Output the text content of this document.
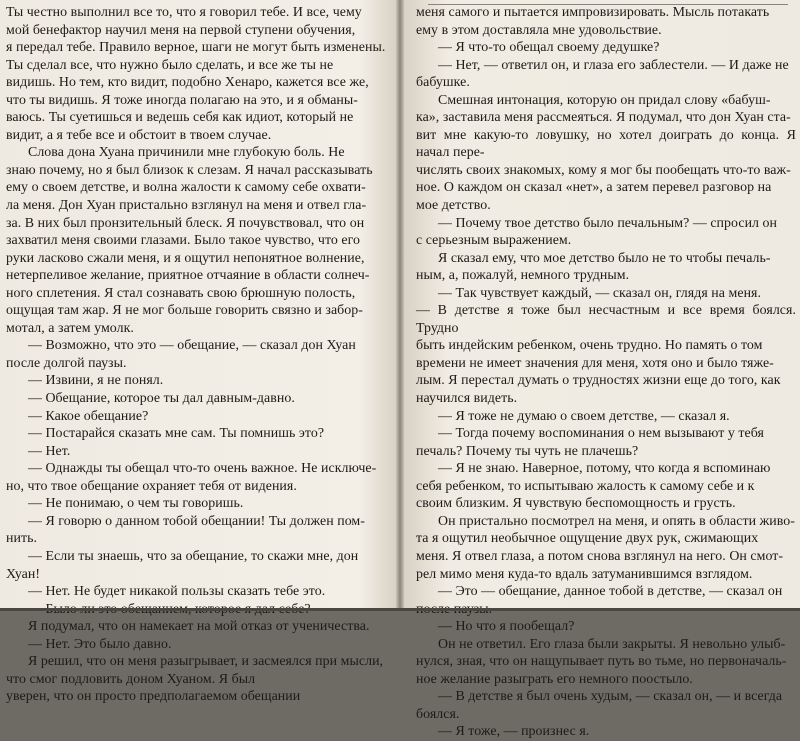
Ты честно выполнил все то, что я говорил тебе. И все, чему

мой бенефактор научил меня на первой ступени обучения,

я передал тебе. Правило верное, шаги не могут быть изменены.

Ты сделал все, что нужно было сделать, и все же ты не

видишь. Но тем, кто видит, подобно Хенаро, кажется все же,

что ты видишь. Я тоже иногда полагаю на это, и я обманы-

ваюсь. Ты суетишься и ведешь себя как идиот, который не

видит, а я тебе все и обстоит в твоем случае.

Слова дона Хуана причинили мне глубокую боль. Не

знаю почему, но я был близок к слезам. Я начал рассказывать

ему о своем детстве, и волна жалости к самому себе охвати-

ла меня. Дон Хуан пристально взглянул на меня и отвел гла-

за. В них был пронзительный блеск. Я почувствовал, что он

захватил меня своими глазами. Было такое чувство, что его

руки ласково сжали меня, и я ощутил непонятное волнение,

нетерпеливое желание, приятное отчаяние в области солнеч-

ного сплетения. Я стал сознавать свою брюшную полость,

ощущая там жар. Я не мог больше говорить связно и забор-

мотал, а затем умолк.

— Возможно, что это — обещание, — сказал дон Хуан

после долгой паузы.

— Извини, я не понял.

— Обещание, которое ты дал давным-давно.

— Какое обещание?

— Постарайся сказать мне сам. Ты помнишь это?

— Нет.

— Однажды ты обещал что-то очень важное. Не исключе-

но, что твое обещание охраняет тебя от видения.

— Не понимаю, о чем ты говоришь.

— Я говорю о данном тобой обещании! Ты должен пом-

нить.

— Если ты знаешь, что за обещание, то скажи мне, дон

Хуан!

— Нет. Не будет никакой пользы сказать тебе это.

Я подумал, что он намекает на мой отказ от ученичества.

— Нет. Это было давно.

Я решил, что он меня разыгрывает, и засмеялся при мысли,

что смог подловить доном Хуаном. Я был

уверен, что он просто предполагаемом обещании

меня самого и пытается импровизировать. Мысль потакать

ему в этом доставляла мне удовольствие.

— Я что-то обещал своему дедушке?

— Нет, — ответил он, и глаза его заблестели. — И даже не

бабушке.

Смешная интонация, которую он придал слову «бабуш-

ка», заставила меня рассмеяться. Я подумал, что дон Хуан ста-

вит мне какую-то ловушку, но хотел доиграть до конца. Я начал пере-

числять своих знакомых, кому я мог бы пообещать что-то важ-

ное. О каждом он сказал «нет», а затем перевел разговор на

мое детство.

— Почему твое детство было печальным? — спросил он

с серьезным выражением.

Я сказал ему, что мое детство было не то чтобы печаль-

ным, а, пожалуй, немного трудным.

— Так чувствует каждый, — сказал он, глядя на меня.

— В детстве я тоже был несчастным и все время боялся. Трудно

быть индейским ребенком, очень трудно. Но память о том

времени не имеет значения для меня, хотя оно и было тяже-

лым. Я перестал думать о трудностях жизни еще до того, как

научился видеть.

— Я тоже не думаю о своем детстве, — сказал я.

— Тогда почему воспоминания о нем вызывают у тебя

печаль? Почему ты чуть не плачешь?

— Я не знаю. Наверное, потому, что когда я вспоминаю

себя ребенком, то испытываю жалость к самому себе и к

своим близким. Я чувствую беспомощность и грусть.

Он пристально посмотрел на меня, и опять в области живо-

та я ощутил необычное ощущение двух рук, сжимающих

меня. Я отвел глаза, а потом снова взглянул на него. Он смот-

рел мимо меня куда-то вдаль затуманившимся взглядом.

— Это — обещание, данное тобой в детстве, — сказал он

— Но что я пообещал?

Он не ответил. Его глаза были закрыты. Я невольно улыб-

нулся, зная, что он нащупывает путь во тьме, но первоначаль-

ное желание разыграть его немного поостыло.

— В детстве я был очень худым, — сказал он, — и всегда

боялся.

— Я тоже, — произнес я.
